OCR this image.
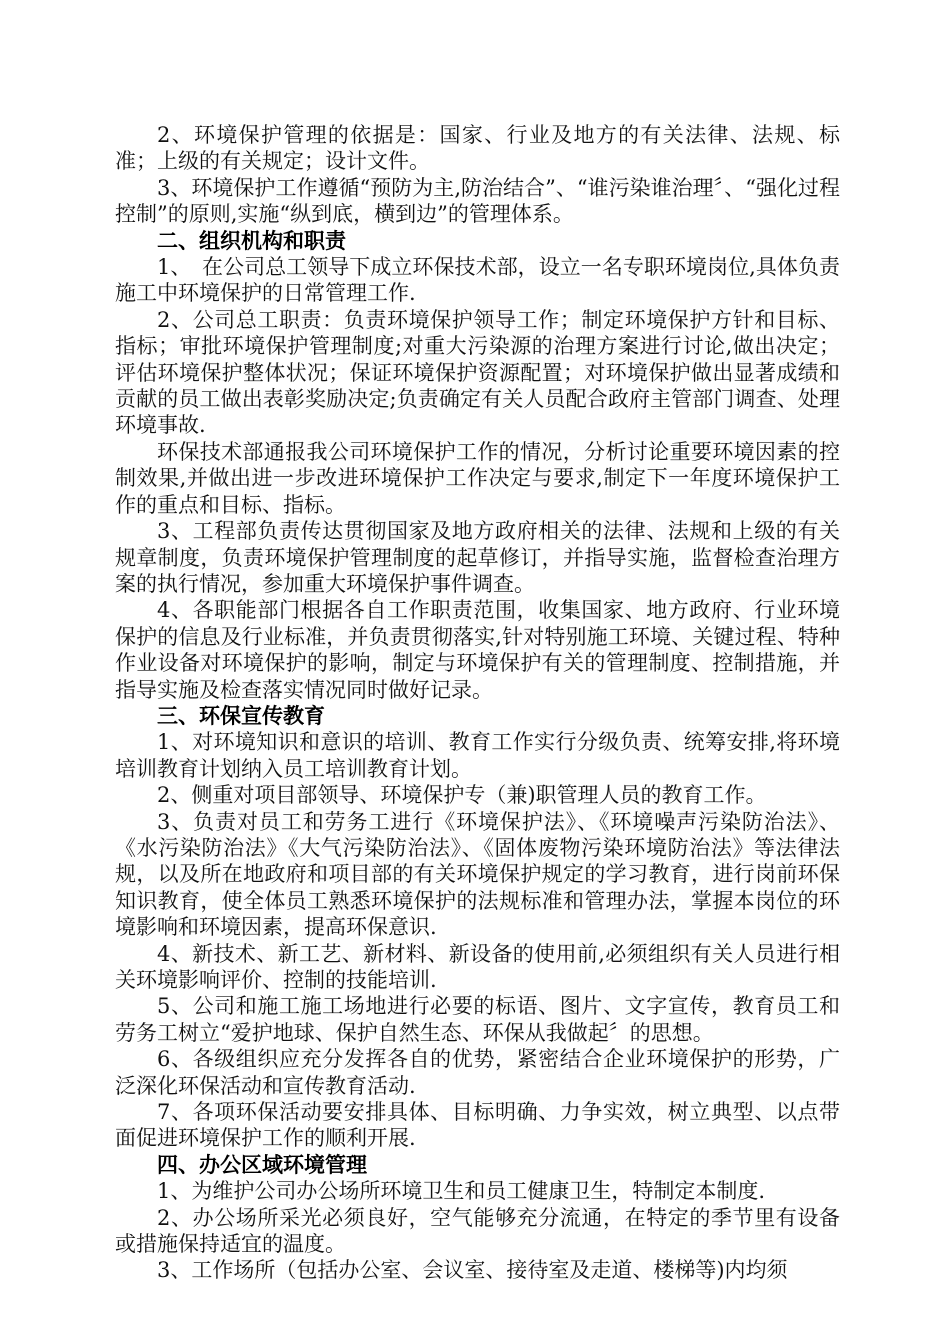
2、环境保护管理的依据是：国家、行业及地方的有关法律、法规、标准；上级的有关规定；设计文件。

3、环境保护工作遵循“预防为主,防治结合”、“谁污染谁治理〞、“强化过程控制”的原则,实施“纵到底，横到边”的管理体系。

二、组织机构和职责

1、　在公司总工领导下成立环保技术部，设立一名专职环境岗位,具体负责施工中环境保护的日常管理工作.

2、公司总工职责：负责环境保护领导工作；制定环境保护方针和目标、指标；审批环境保护管理制度;对重大污染源的治理方案进行讨论,做出决定；评估环境保护整体状况；保证环境保护资源配置；对环境保护做出显著成绩和贡献的员工做出表彰奖励决定;负责确定有关人员配合政府主管部门调查、处理环境事故.

环保技术部通报我公司环境保护工作的情况，分析讨论重要环境因素的控制效果,并做出进一步改进环境保护工作决定与要求,制定下一年度环境保护工作的重点和目标、指标。

3、工程部负责传达贯彻国家及地方政府相关的法律、法规和上级的有关规章制度，负责环境保护管理制度的起草修订，并指导实施，监督检查治理方案的执行情况，参加重大环境保护事件调查。

4、各职能部门根据各自工作职责范围，收集国家、地方政府、行业环境保护的信息及行业标准，并负责贯彻落实,针对特别施工环境、关键过程、特种作业设备对环境保护的影响，制定与环境保护有关的管理制度、控制措施，并指导实施及检查落实情况同时做好记录。

三、环保宣传教育

1、对环境知识和意识的培训、教育工作实行分级负责、统筹安排,将环境培训教育计划纳入员工培训教育计划。

2、侧重对项目部领导、环境保护专（兼)职管理人员的教育工作。

3、负责对员工和劳务工进行《环境保护法》、《环境噪声污染防治法》、《水污染防治法》《大气污染防治法》、《固体废物污染环境防治法》等法律法规，以及所在地政府和项目部的有关环境保护规定的学习教育，进行岗前环保知识教育，使全体员工熟悉环境保护的法规标准和管理办法，掌握本岗位的环境影响和环境因素，提高环保意识.

4、新技术、新工艺、新材料、新设备的使用前,必须组织有关人员进行相关环境影响评价、控制的技能培训.

5、公司和施工施工场地进行必要的标语、图片、文字宣传，教育员工和劳务工树立“爱护地球、保护自然生态、环保从我做起〞的思想。

6、各级组织应充分发挥各自的优势，紧密结合企业环境保护的形势，广泛深化环保活动和宣传教育活动.

7、各项环保活动要安排具体、目标明确、力争实效，树立典型、以点带面促进环境保护工作的顺利开展.

四、办公区域环境管理

1、为维护公司办公场所环境卫生和员工健康卫生，特制定本制度.

2、办公场所采光必须良好，空气能够充分流通，在特定的季节里有设备或措施保持适宜的温度。

3、工作场所（包括办公室、会议室、接待室及走道、楼梯等)内均须
